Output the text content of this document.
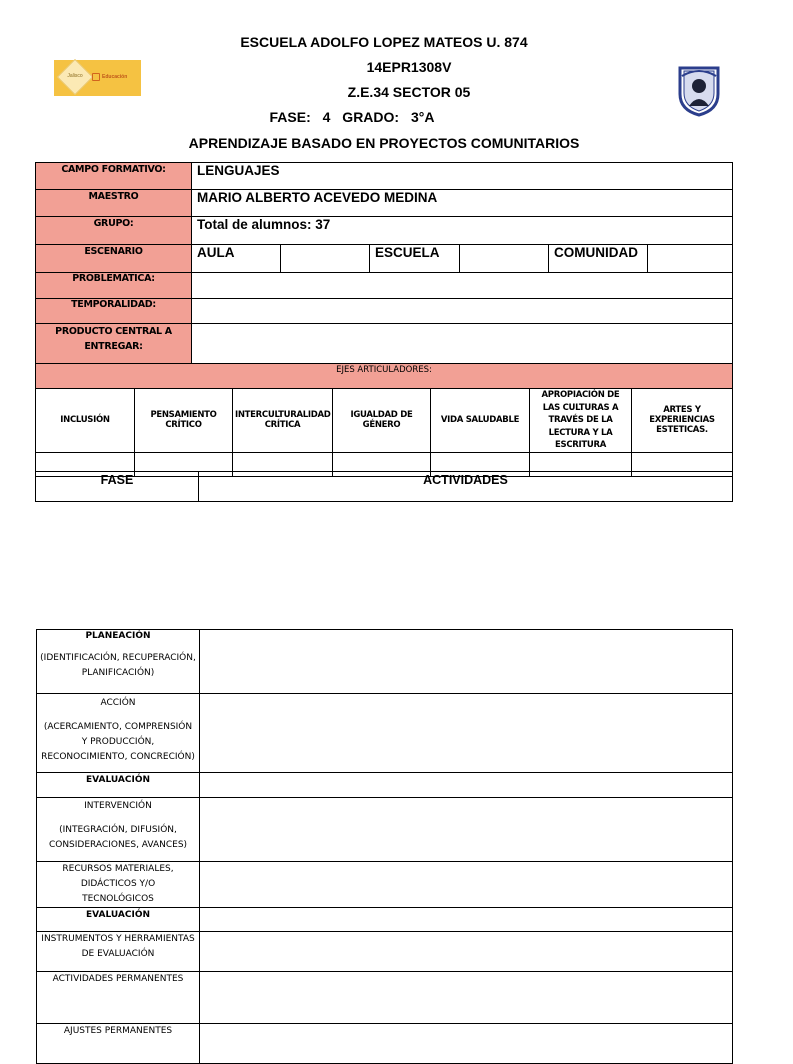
ESCUELA ADOLFO LOPEZ MATEOS U. 874
14EPR1308V
Z.E.34 SECTOR 05
FASE: 4 GRADO: 3°A
APRENDIZAJE BASADO EN PROYECTOS COMUNITARIOS
Jalisco	Educación
CAMPO FORMATIVO:	LENGUAJES
MAESTRO	MARIO ALBERTO ACEVEDO MEDINA
GRUPO:	Total de alumnos: 37
ESCENARIO	AULA		ESCUELA		COMUNIDAD	
PROBLEMÁTICA:	
TEMPORALIDAD:	
PRODUCTO CENTRAL A ENTREGAR:	
EJES ARTICULADORES:	
INCLUSIÓN	PENSAMIENTO CRÍTICO	INTERCULTURALIDAD CRÍTICA	IGUALDAD DE GÉNERO	VIDA SALUDABLE	APROPIACIÓN DE LAS CULTURAS A TRAVÉS DE LA LECTURA Y LA ESCRITURA	ARTES Y EXPERIENCIAS ESTETICAS.

FASE	ACTIVIDADES
PLANEACIÓN
(IDENTIFICACIÓN, RECUPERACIÓN, PLANIFICACIÓN)	

ACCIÓN
(ACERCAMIENTO, COMPRENSIÓN Y PRODUCCIÓN, RECONOCIMIENTO, CONCRECIÓN)	

EVALUACIÓN	

INTERVENCIÓN
(INTEGRACIÓN, DIFUSIÓN, CONSIDERACIONES, AVANCES)	

RECURSOS MATERIALES, DIDÁCTICOS Y/O TECNOLÓGICOS	
EVALUACIÓN	
INSTRUMENTOS Y HERRAMIENTAS DE EVALUACIÓN	
ACTIVIDADES PERMANENTES	
AJUSTES PERMANENTES	
